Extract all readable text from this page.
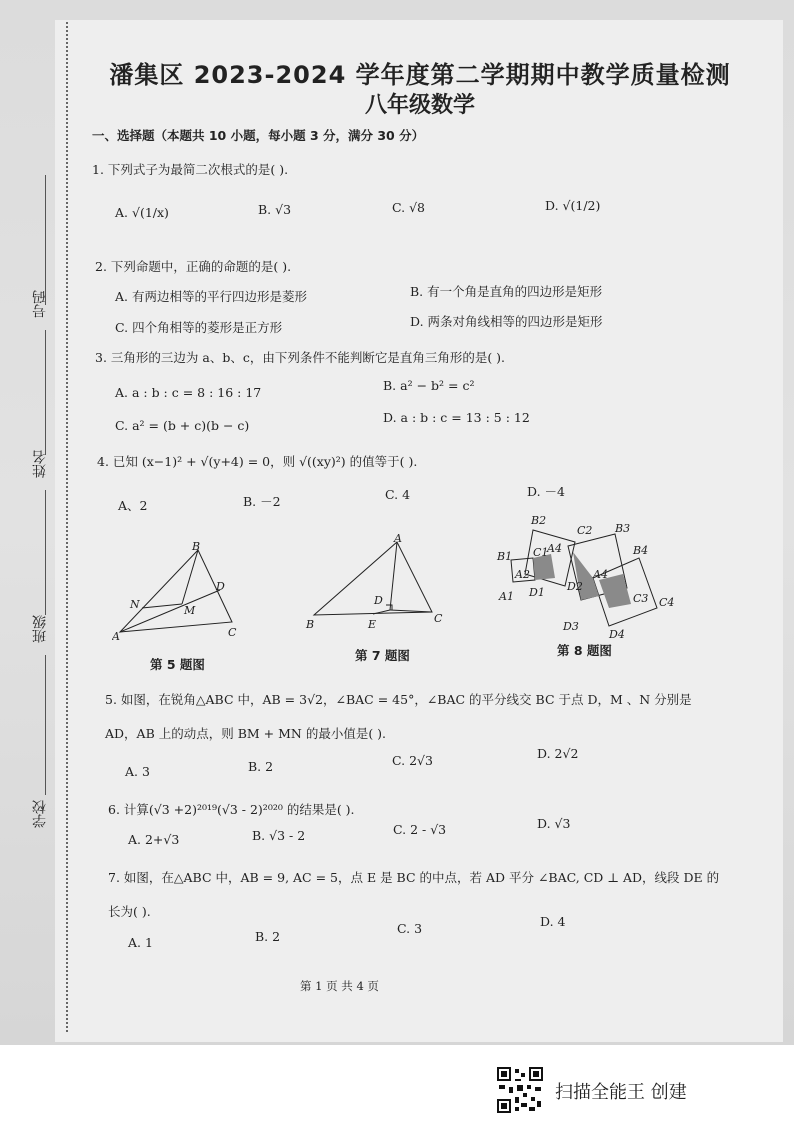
号码
姓名
班级
学校
潘集区 2023-2024 学年度第二学期期中教学质量检测
八年级数学
一、选择题（本题共 10 小题，每小题 3 分，满分 30 分）
1. 下列式子为最简二次根式的是( ).
A. √(1/x)	B. √3	C. √8	D. √(1/2)
2. 下列命题中，正确的命题的是( ).
A. 有两边相等的平行四边形是菱形	B. 有一个角是直角的四边形是矩形
C. 四个角相等的菱形是正方形	D. 两条对角线相等的四边形是矩形
3. 三角形的三边为 a、b、c，由下列条件不能判断它是直角三角形的是( ).
A. a : b : c = 8 : 16 : 17	B. a² − b² = c²
C. a² = (b + c)(b − c)
D. a : b : c = 13 : 5 : 12
4. 已知 (x−1)² + √(y+4) = 0，则 √((xy)²) 的值等于( ).
A、2	B. －2	C. 4	D. －4
B
A	C
D
M
N
第 5 题图
A
B	C
D
E
第 7 题图
B1
A1 D1
C1
A2
B2
C2
A4
D2
B3
B4
A4
C3 C4
D3
D4
第 8 题图
5. 如图，在锐角△ABC 中，AB = 3√2，∠BAC = 45°，∠BAC 的平分线交 BC 于点 D，M 、N 分别是
AD，AB 上的动点，则 BM + MN 的最小值是( ).
A. 3	B. 2	C. 2√3	D. 2√2
6. 计算(√3 +2)²⁰¹⁹(√3 - 2)²⁰²⁰ 的结果是( ).
A. 2+√3	B. √3 - 2	C. 2 - √3	D. √3
7. 如图，在△ABC 中，AB = 9, AC = 5，点 E 是 BC 的中点，若 AD 平分 ∠BAC, CD ⊥ AD，线段 DE 的
长为( ).
A. 1	B. 2
C. 3	D. 4
第 1 页 共 4 页
扫描全能王 创建
